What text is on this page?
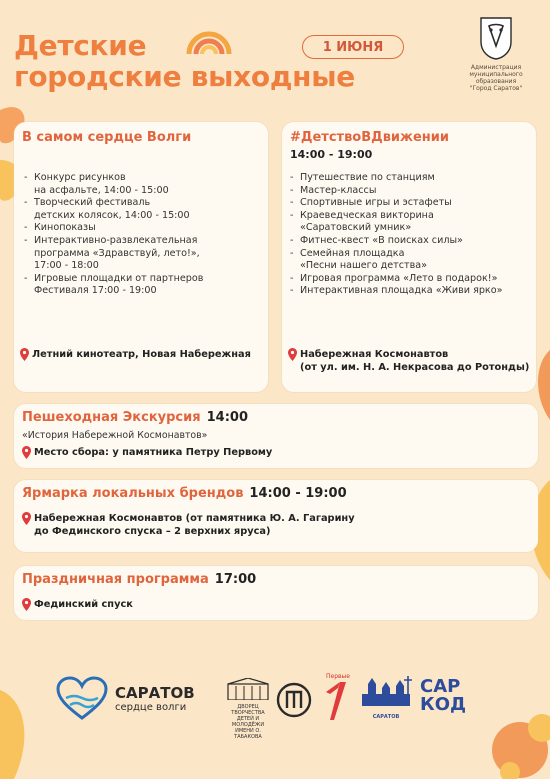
Детские
городские выходные
1 ИЮНЯ
Администрация
муниципального образования
"Город Саратов"
В самом сердце Волги
- Конкурс рисунков
на асфальте, 14:00 - 15:00
- Творческий фестиваль
детских колясок, 14:00 - 15:00
- Кинопоказы
- Интерактивно-развлекательная
программа «Здравствуй, лето!»,
17:00 - 18:00
- Игровые площадки от партнеров
Фестиваля 17:00 - 19:00
Летний кинотеатр, Новая Набережная
#ДетствоВДвижении
14:00 - 19:00
- Путешествие по станциям
- Мастер-классы
- Спортивные игры и эстафеты
- Краеведческая викторина
«Саратовский умник»
- Фитнес-квест «В поисках силы»
- Семейная площадка
«Песни нашего детства»
- Игровая программа «Лето в подарок!»
- Интерактивная площадка «Живи ярко»
Набережная Космонавтов
(от ул. им. Н. А. Некрасова до Ротонды)
Пешеходная Экскурсия 14:00
«История Набережной Космонавтов»
Место сбора: у памятника Петру Первому
Ярмарка локальных брендов 14:00 - 19:00
Набережная Космонавтов (от памятника Ю. А. Гагарину
до Фединского спуска – 2 верхних яруса)
Праздничная программа 17:00
Фединский спуск
САРАТОВ
сердце волги	ДВОРЕЦ ТВОРЧЕСТВА ДЕТЕЙ И МОЛОДЁЖИ ИМЕНИ О. ТАБАКОВА
Первые
САРАТОВ
САР
КОД
